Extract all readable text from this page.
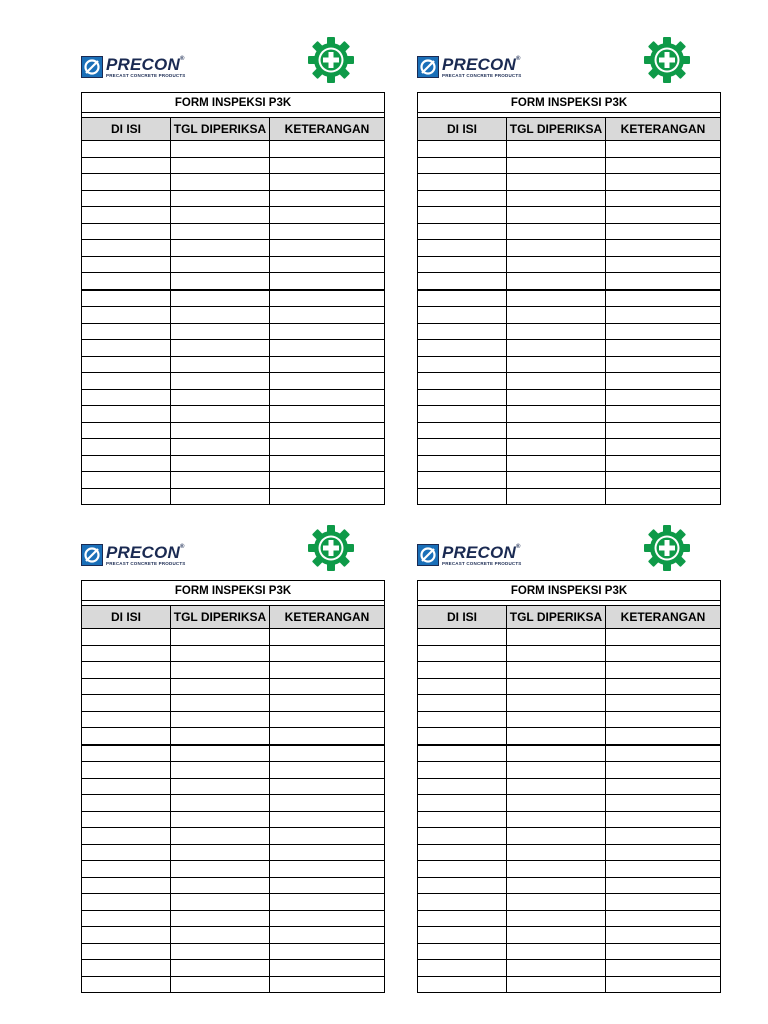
PRECON®
PRECAST CONCRETE PRODUCTS
FORM INSPEKSI P3K		

DI ISI	TGL DIPERIKSA	KETERANGAN

PRECON®
PRECAST CONCRETE PRODUCTS
FORM INSPEKSI P3K		

DI ISI	TGL DIPERIKSA	KETERANGAN

PRECON®
PRECAST CONCRETE PRODUCTS
FORM INSPEKSI P3K		

DI ISI	TGL DIPERIKSA	KETERANGAN

PRECON®
PRECAST CONCRETE PRODUCTS
FORM INSPEKSI P3K		

DI ISI	TGL DIPERIKSA	KETERANGAN
